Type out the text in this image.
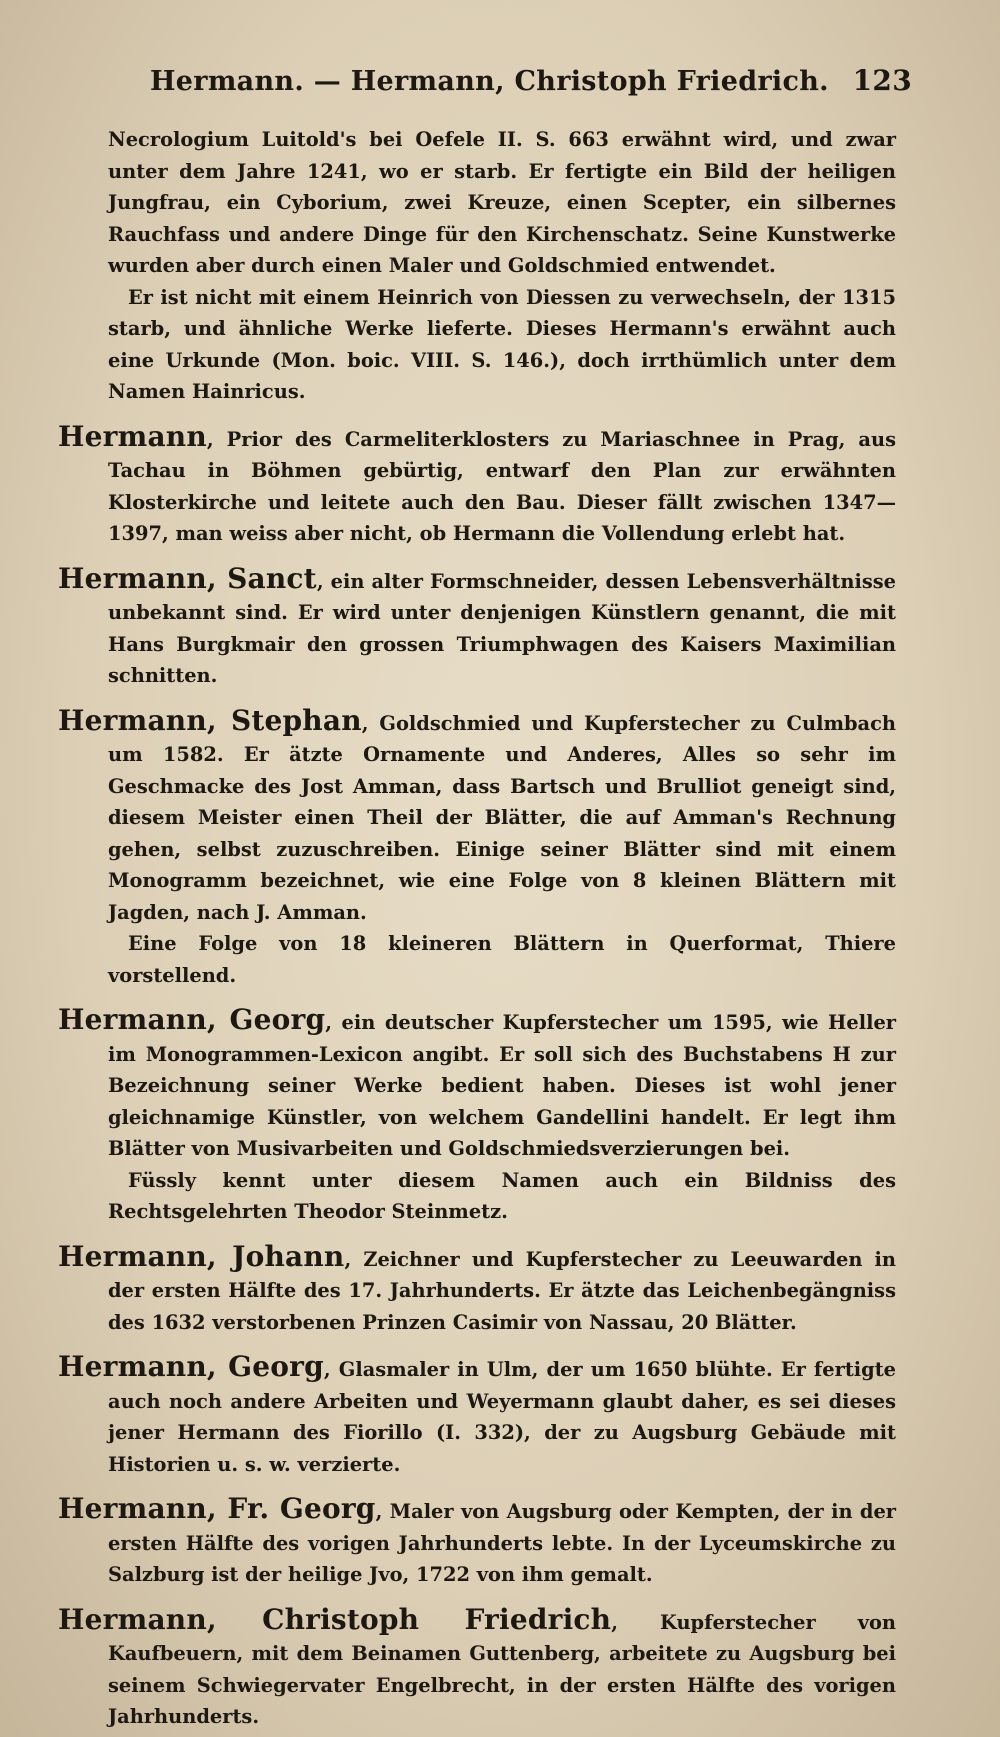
Hermann. — Hermann, Christoph Friedrich. 123
Necrologium Luitold's bei Oefele II. S. 663 erwähnt wird, und zwar unter dem Jahre 1241, wo er starb. Er fertigte ein Bild der heiligen Jungfrau, ein Cyborium, zwei Kreuze, einen Scepter, ein silbernes Rauchfass und andere Dinge für den Kirchenschatz. Seine Kunstwerke wurden aber durch einen Maler und Goldschmied entwendet.
Er ist nicht mit einem Heinrich von Diessen zu verwechseln, der 1315 starb, und ähnliche Werke lieferte. Dieses Hermann's erwähnt auch eine Urkunde (Mon. boic. VIII. S. 146.), doch irrthümlich unter dem Namen Hainricus.
Hermann, Prior des Carmeliterklosters zu Mariaschnee in Prag, aus Tachau in Böhmen gebürtig, entwarf den Plan zur erwähnten Klosterkirche und leitete auch den Bau. Dieser fällt zwischen 1347—1397, man weiss aber nicht, ob Hermann die Vollendung erlebt hat.
Hermann, Sanct, ein alter Formschneider, dessen Lebensverhältnisse unbekannt sind. Er wird unter denjenigen Künstlern genannt, die mit Hans Burgkmair den grossen Triumphwagen des Kaisers Maximilian schnitten.
Hermann, Stephan, Goldschmied und Kupferstecher zu Culmbach um 1582. Er ätzte Ornamente und Anderes, Alles so sehr im Geschmacke des Jost Amman, dass Bartsch und Brulliot geneigt sind, diesem Meister einen Theil der Blätter, die auf Amman's Rechnung gehen, selbst zuzuschreiben. Einige seiner Blätter sind mit einem Monogramm bezeichnet, wie eine Folge von 8 kleinen Blättern mit Jagden, nach J. Amman.
Eine Folge von 18 kleineren Blättern in Querformat, Thiere vorstellend.
Hermann, Georg, ein deutscher Kupferstecher um 1595, wie Heller im Monogrammen-Lexicon angibt. Er soll sich des Buchstabens H zur Bezeichnung seiner Werke bedient haben. Dieses ist wohl jener gleichnamige Künstler, von welchem Gandellini handelt. Er legt ihm Blätter von Musivarbeiten und Goldschmiedsverzierungen bei.
Füssly kennt unter diesem Namen auch ein Bildniss des Rechtsgelehrten Theodor Steinmetz.
Hermann, Johann, Zeichner und Kupferstecher zu Leeuwarden in der ersten Hälfte des 17. Jahrhunderts. Er ätzte das Leichenbegängniss des 1632 verstorbenen Prinzen Casimir von Nassau, 20 Blätter.
Hermann, Georg, Glasmaler in Ulm, der um 1650 blühte. Er fertigte auch noch andere Arbeiten und Weyermann glaubt daher, es sei dieses jener Hermann des Fiorillo (I. 332), der zu Augsburg Gebäude mit Historien u. s. w. verzierte.
Hermann, Fr. Georg, Maler von Augsburg oder Kempten, der in der ersten Hälfte des vorigen Jahrhunderts lebte. In der Lyceumskirche zu Salzburg ist der heilige Jvo, 1722 von ihm gemalt.
Hermann, Christoph Friedrich, Kupferstecher von Kaufbeuern, mit dem Beinamen Guttenberg, arbeitete zu Augsburg bei seinem Schwiegervater Engelbrecht, in der ersten Hälfte des vorigen Jahrhunderts.
